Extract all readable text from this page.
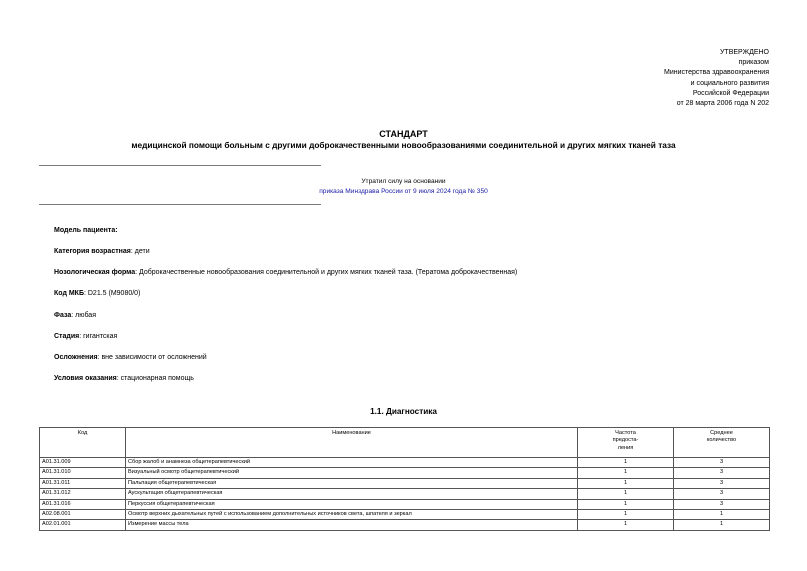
УТВЕРЖДЕНО
приказом
Министерства здравоохранения
и социального развития
Российской Федерации
от 28 марта 2006 года N 202
СТАНДАРТ
медицинской помощи больным с другими доброкачественными новообразованиями соединительной и других мягких тканей таза
Утратил силу на основании
приказа Минздрава России от 9 июля 2024 года № 350
Модель пациента:
Категория возрастная: дети
Нозологическая форма: Доброкачественные новообразования соединительной и других мягких тканей таза. (Тератома доброкачественная)
Код МКБ: D21.5 (M9080/0)
Фаза: любая
Стадия: гигантская
Осложнения: вне зависимости от осложнений
Условия оказания: стационарная помощь
1.1. Диагностика
Код	Наименование	Частота
предоста-
ления	Среднее
количество
A01.31.009	Сбор жалоб и анамнеза общетерапевтический	1	3
A01.31.010	Визуальный осмотр общетерапевтический	1	3
A01.31.011	Пальпация общетерапевтическая	1	3
A01.31.012	Аускультация общетерапевтическая	1	3
A01.31.016	Перкуссия общетерапевтическая	1	3
A02.08.001	Осмотр верхних дыхательных путей с использованием дополнительных источников света, шпателя и зеркал	1	1
A02.01.001	Измерение массы тела	1	1
